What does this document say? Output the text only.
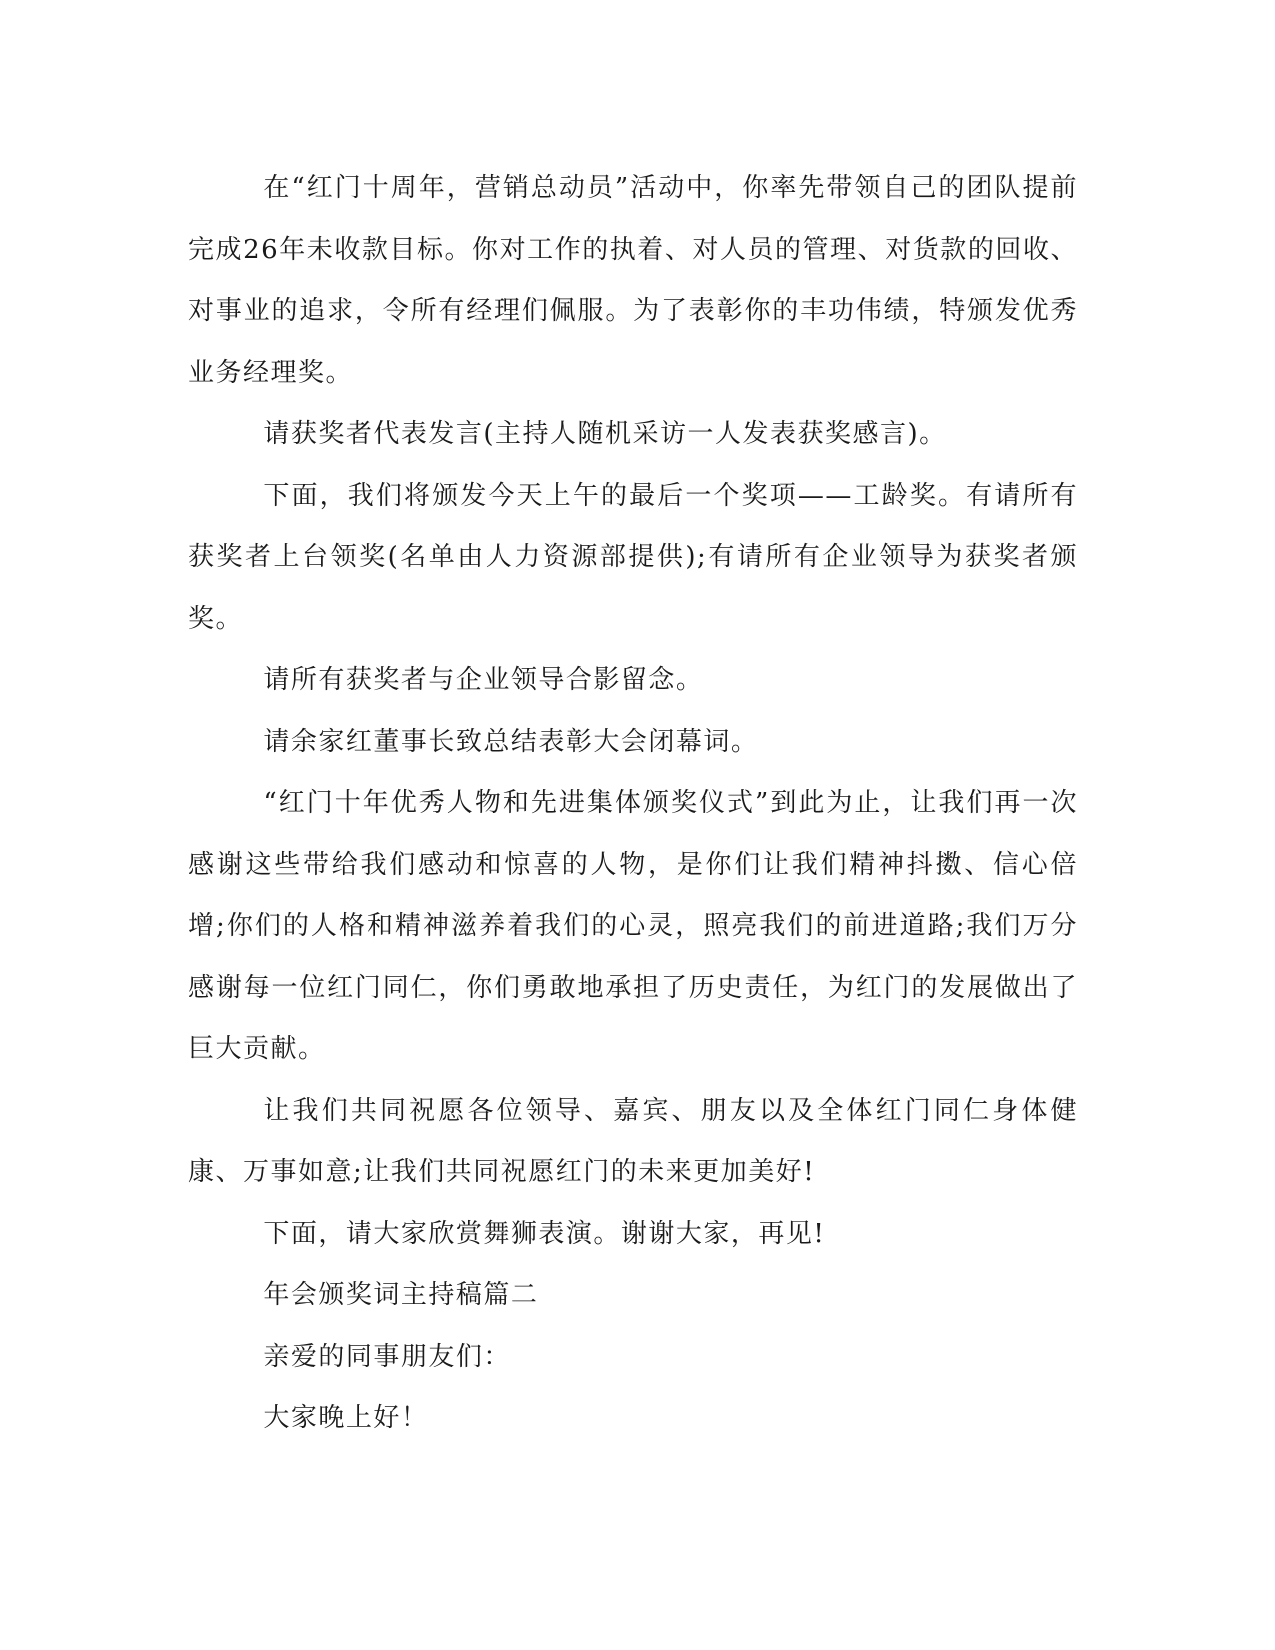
在“红门十周年，营销总动员”活动中，你率先带领自己的团队提前完成26年未收款目标。你对工作的执着、对人员的管理、对货款的回收、对事业的追求，令所有经理们佩服。为了表彰你的丰功伟绩，特颁发优秀业务经理奖。

请获奖者代表发言(主持人随机采访一人发表获奖感言)。

下面，我们将颁发今天上午的最后一个奖项——工龄奖。有请所有获奖者上台领奖(名单由人力资源部提供);有请所有企业领导为获奖者颁奖。

请所有获奖者与企业领导合影留念。

请余家红董事长致总结表彰大会闭幕词。

“红门十年优秀人物和先进集体颁奖仪式”到此为止，让我们再一次感谢这些带给我们感动和惊喜的人物，是你们让我们精神抖擞、信心倍增;你们的人格和精神滋养着我们的心灵，照亮我们的前进道路;我们万分感谢每一位红门同仁，你们勇敢地承担了历史责任，为红门的发展做出了巨大贡献。

让我们共同祝愿各位领导、嘉宾、朋友以及全体红门同仁身体健康、万事如意;让我们共同祝愿红门的未来更加美好!

下面，请大家欣赏舞狮表演。谢谢大家，再见!

年会颁奖词主持稿篇二

亲爱的同事朋友们：

大家晚上好！
